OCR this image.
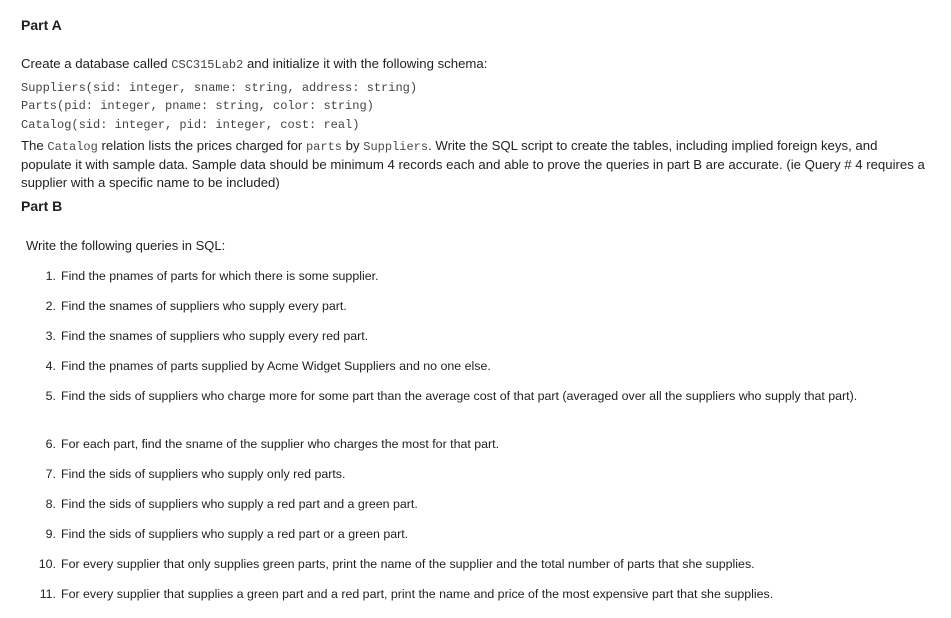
Part A
Create a database called CSC315Lab2 and initialize it with the following schema:
Suppliers(sid: integer, sname: string, address: string)
Parts(pid: integer, pname: string, color: string)
Catalog(sid: integer, pid: integer, cost: real)
The Catalog relation lists the prices charged for parts by Suppliers. Write the SQL script to create the tables, including implied foreign keys, and populate it with sample data. Sample data should be minimum 4 records each and able to prove the queries in part B are accurate. (ie Query # 4 requires a supplier with a specific name to be included)
Part B
Write the following queries in SQL:
1. Find the pnames of parts for which there is some supplier.
2. Find the snames of suppliers who supply every part.
3. Find the snames of suppliers who supply every red part.
4. Find the pnames of parts supplied by Acme Widget Suppliers and no one else.
5. Find the sids of suppliers who charge more for some part than the average cost of that part (averaged over all the suppliers who supply that part).
6. For each part, find the sname of the supplier who charges the most for that part.
7. Find the sids of suppliers who supply only red parts.
8. Find the sids of suppliers who supply a red part and a green part.
9. Find the sids of suppliers who supply a red part or a green part.
10. For every supplier that only supplies green parts, print the name of the supplier and the total number of parts that she supplies.
11. For every supplier that supplies a green part and a red part, print the name and price of the most expensive part that she supplies.
